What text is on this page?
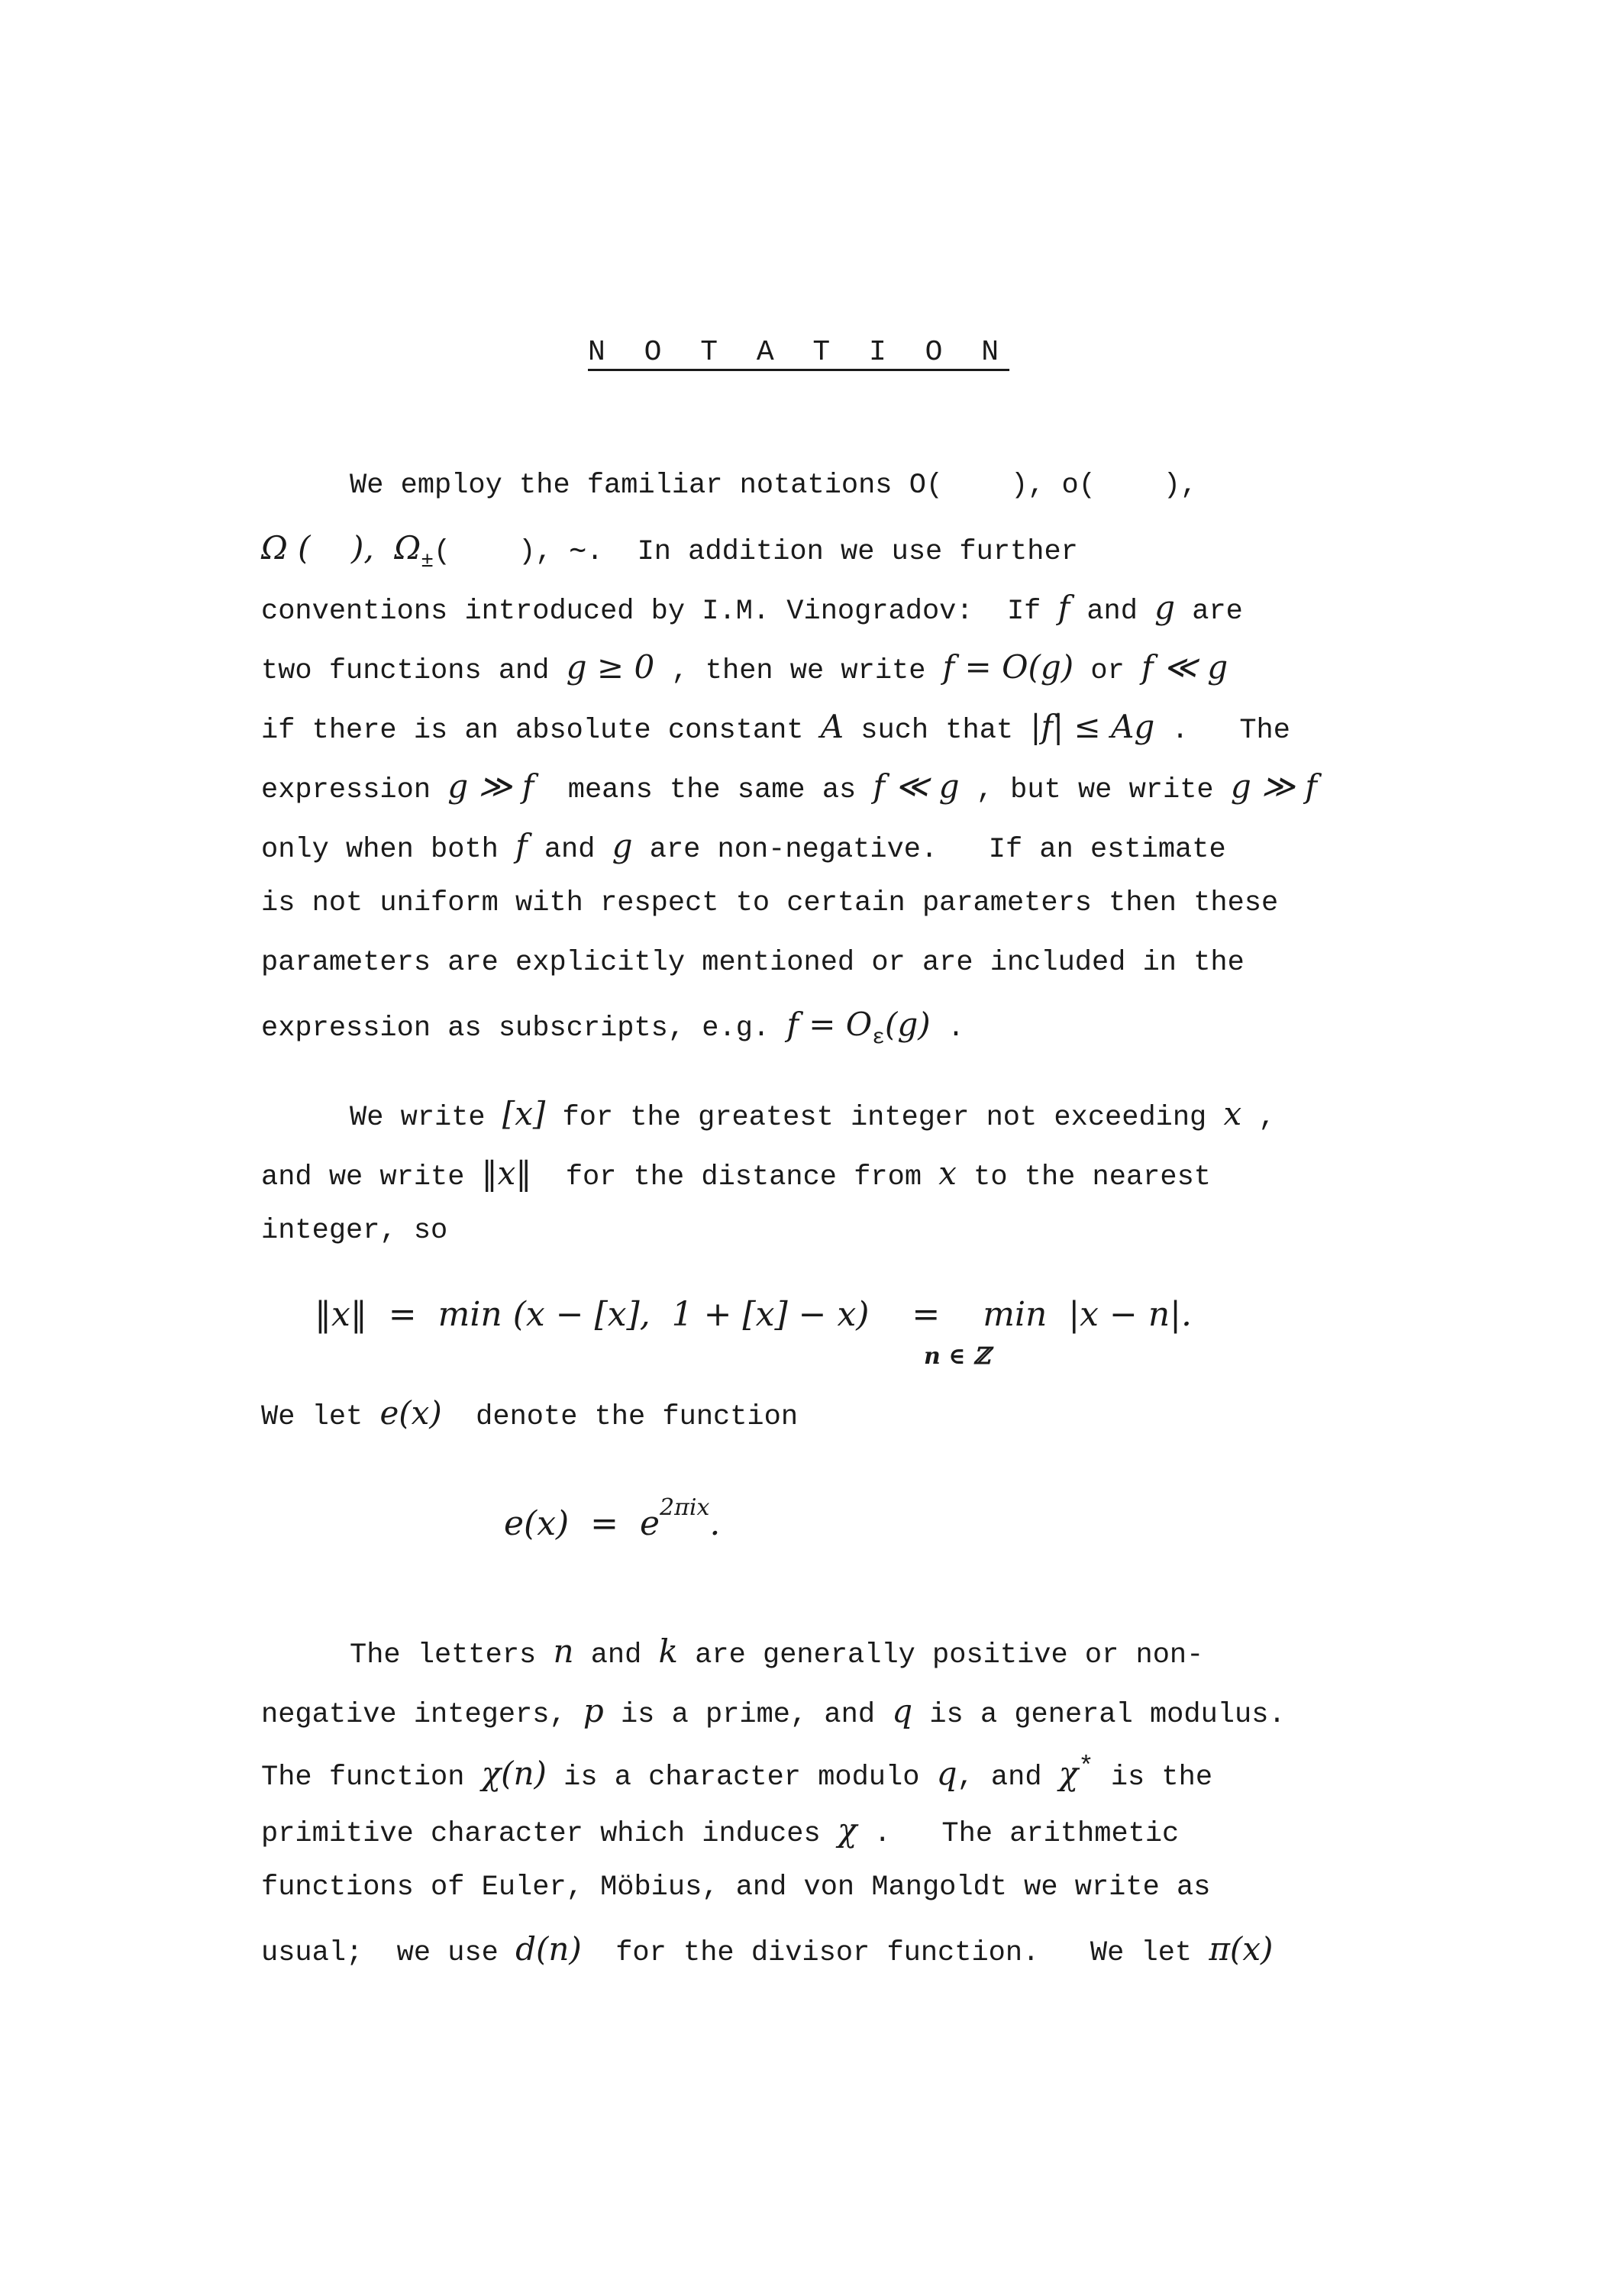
N O T A T I O N
We employ the familiar notations O(    ), o(    ),
Ω (    ),  $\Omega_\pm$(    ), ∼.  In addition we use further
conventions introduced by I.M. Vinogradov:  If f and g are
two functions and g ≥ 0 , then we write f = O(g) or f ≪ g
if there is an absolute constant A such that |f| ≤ Ag .   The
expression g ≫ f  means the same as f ≪ g , but we write g ≫ f
only when both f and g are non-negative.   If an estimate
is not uniform with respect to certain parameters then these
parameters are explicitly mentioned or are included in the
expression as subscripts, e.g. $f = O_\varepsilon(g)$ .
We write [x] for the greatest integer not exceeding x ,
and we write ‖x‖  for the distance from x to the nearest
integer, so
‖x‖  =  min (x − [x],  1 + [x] − x)    =    min  |x − n|.
n ∈ ℤ
We let e(x)  denote the function
$e(x) = e^{2\pi ix}$.
The letters n and k are generally positive or non-
negative integers, p is a prime, and q is a general modulus.
The function χ(n) is a character modulo q, and χ* is the
primitive character which induces χ .   The arithmetic
functions of Euler, Möbius, and von Mangoldt we write as
usual;  we use d(n)  for the divisor function.   We let π(x)
